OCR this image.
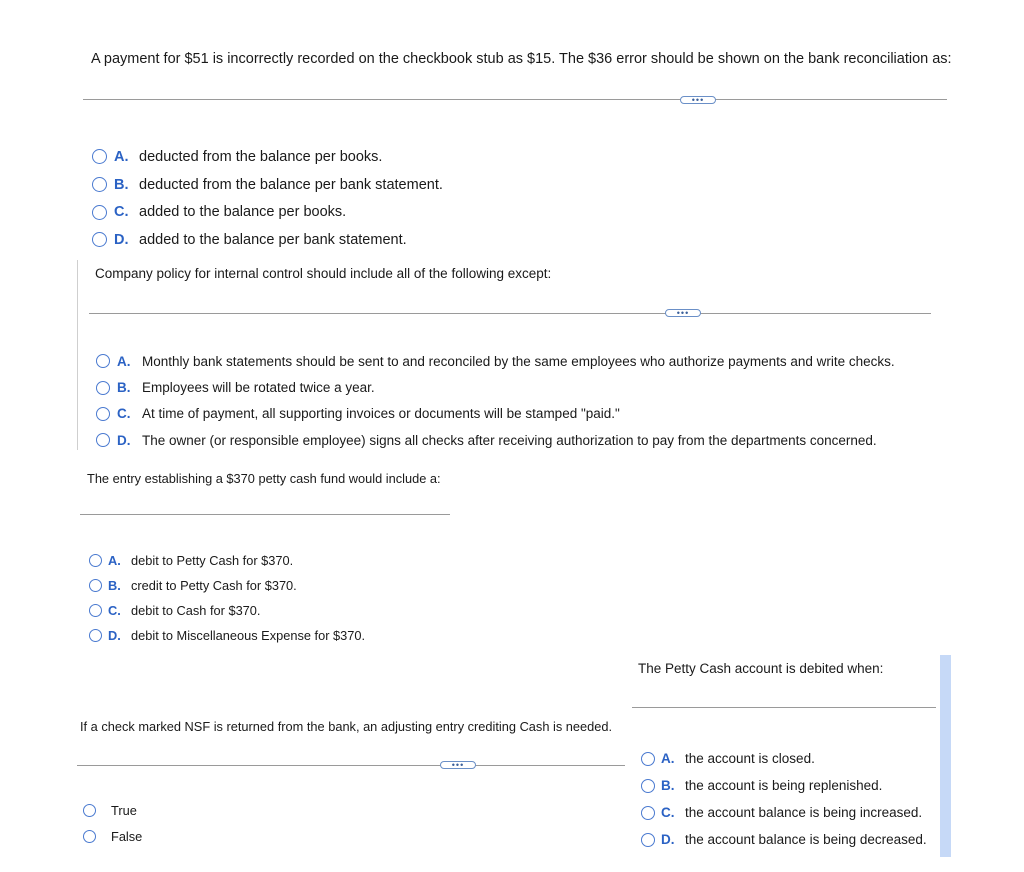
A payment for $51 is incorrectly recorded on the checkbook stub as $15. The $36 error should be shown on the bank reconciliation as:
•••
A. deducted from the balance per books.
B. deducted from the balance per bank statement.
C. added to the balance per books.
D. added to the balance per bank statement.
Company policy for internal control should include all of the following except:
•••
A. Monthly bank statements should be sent to and reconciled by the same employees who authorize payments and write checks.
B. Employees will be rotated twice a year.
C. At time of payment, all supporting invoices or documents will be stamped "paid."
D. The owner (or responsible employee) signs all checks after receiving authorization to pay from the departments concerned.
The entry establishing a $370 petty cash fund would include a:
A. debit to Petty Cash for $370.
B. credit to Petty Cash for $370.
C. debit to Cash for $370.
D. debit to Miscellaneous Expense for $370.
If a check marked NSF is returned from the bank, an adjusting entry crediting Cash is needed.
•••
True
False
The Petty Cash account is debited when:
A. the account is closed.
B. the account is being replenished.
C. the account balance is being increased.
D. the account balance is being decreased.
